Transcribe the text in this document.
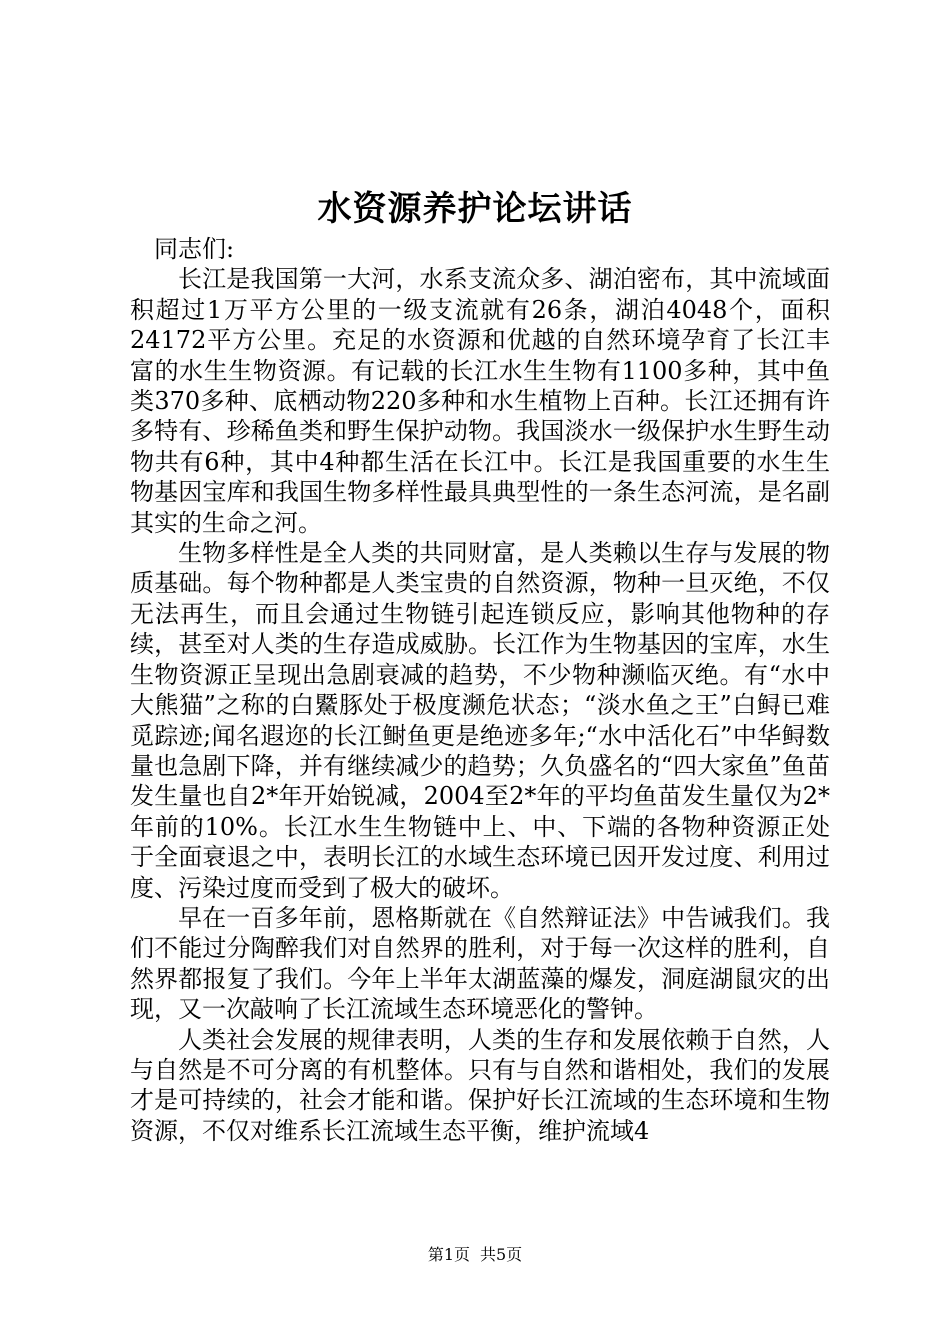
水资源养护论坛讲话

同志们:

长江是我国第一大河，水系支流众多、湖泊密布，其中流域面积超过1万平方公里的一级支流就有26条，湖泊4048个，面积24172平方公里。充足的水资源和优越的自然环境孕育了长江丰富的水生生物资源。有记载的长江水生生物有1100多种，其中鱼类370多种、底栖动物220多种和水生植物上百种。长江还拥有许多特有、珍稀鱼类和野生保护动物。我国淡水一级保护水生野生动物共有6种，其中4种都生活在长江中。长江是我国重要的水生生物基因宝库和我国生物多样性最具典型性的一条生态河流，是名副其实的生命之河。

生物多样性是全人类的共同财富，是人类赖以生存与发展的物质基础。每个物种都是人类宝贵的自然资源，物种一旦灭绝，不仅无法再生，而且会通过生物链引起连锁反应，影响其他物种的存续，甚至对人类的生存造成威胁。长江作为生物基因的宝库，水生生物资源正呈现出急剧衰减的趋势，不少物种濒临灭绝。有“水中大熊猫”之称的白鱀豚处于极度濒危状态；“淡水鱼之王”白鲟已难觅踪迹;闻名遐迩的长江鲥鱼更是绝迹多年;“水中活化石”中华鲟数量也急剧下降，并有继续减少的趋势；久负盛名的“四大家鱼”鱼苗发生量也自2*年开始锐减，2004至2*年的平均鱼苗发生量仅为2*年前的10%。长江水生生物链中上、中、下端的各物种资源正处于全面衰退之中，表明长江的水域生态环境已因开发过度、利用过度、污染过度而受到了极大的破坏。

早在一百多年前，恩格斯就在《自然辩证法》中告诫我们。我们不能过分陶醉我们对自然界的胜利，对于每一次这样的胜利，自然界都报复了我们。今年上半年太湖蓝藻的爆发，洞庭湖鼠灾的出现，又一次敲响了长江流域生态环境恶化的警钟。

人类社会发展的规律表明，人类的生存和发展依赖于自然，人与自然是不可分离的有机整体。只有与自然和谐相处，我们的发展才是可持续的，社会才能和谐。保护好长江流域的生态环境和生物资源，不仅对维系长江流域生态平衡，维护流域4

第1页 共5页
